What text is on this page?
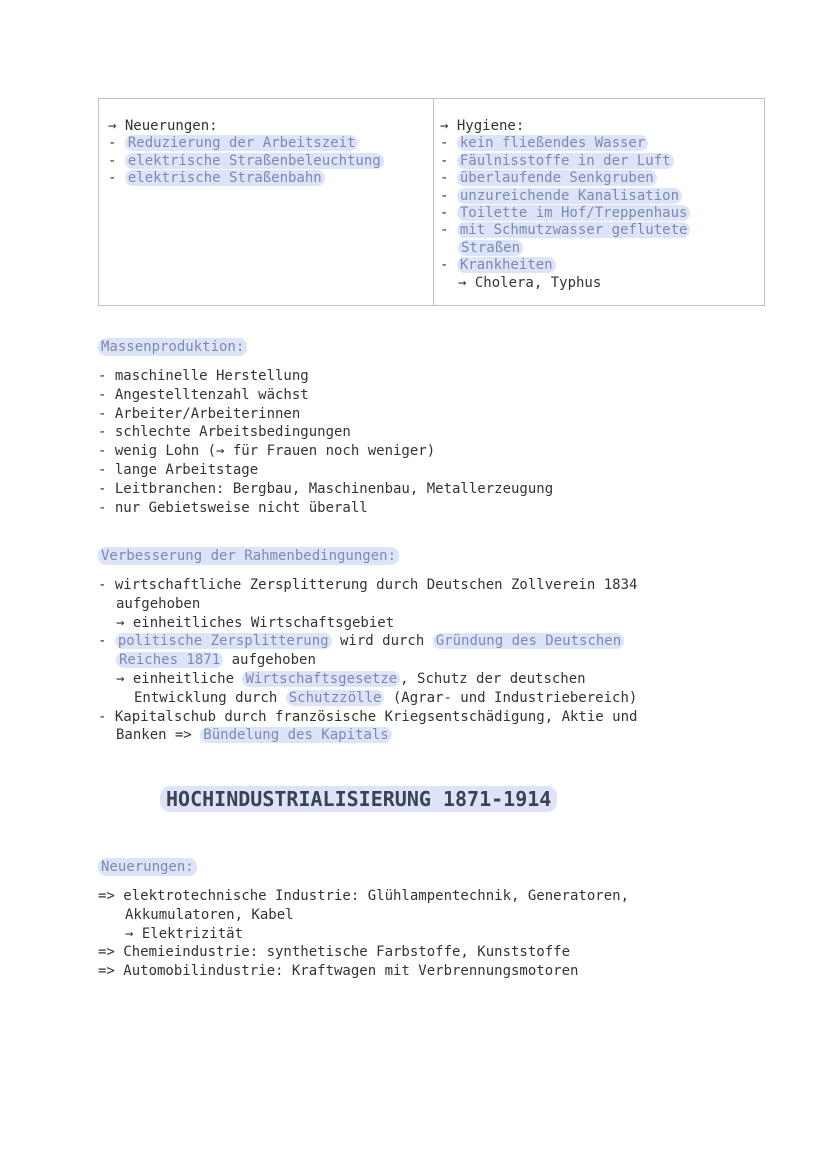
→ Neuerungen:
- Reduzierung der Arbeitszeit
- elektrische Straßenbeleuchtung
- elektrische Straßenbahn
→ Hygiene:
- kein fließendes Wasser
- Fäulnisstoffe in der Luft
- überlaufende Senkgruben
- unzureichende Kanalisation
- Toilette im Hof/Treppenhaus
- mit Schmutzwasser geflutete
Straßen
- Krankheiten
→ Cholera, Typhus
Massenproduktion:
- maschinelle Herstellung
- Angestelltenzahl wächst
- Arbeiter/Arbeiterinnen
- schlechte Arbeitsbedingungen
- wenig Lohn (→ für Frauen noch weniger)
- lange Arbeitstage
- Leitbranchen: Bergbau, Maschinenbau, Metallerzeugung
- nur Gebietsweise nicht überall
Verbesserung der Rahmenbedingungen:
- wirtschaftliche Zersplitterung durch Deutschen Zollverein 1834
aufgehoben
→ einheitliches Wirtschaftsgebiet
- politische Zersplitterung wird durch Gründung des Deutschen
Reiches 1871 aufgehoben
→ einheitliche Wirtschaftsgesetze , Schutz der deutschen
Entwicklung durch Schutzzölle (Agrar- und Industriebereich)
- Kapitalschub durch französische Kriegsentschädigung, Aktie und
Banken => Bündelung des Kapitals
HOCHINDUSTRIALISIERUNG 1871-1914
Neuerungen:
=> elektrotechnische Industrie: Glühlampentechnik, Generatoren,
Akkumulatoren, Kabel
→ Elektrizität
=> Chemieindustrie: synthetische Farbstoffe, Kunststoffe
=> Automobilindustrie: Kraftwagen mit Verbrennungsmotoren
